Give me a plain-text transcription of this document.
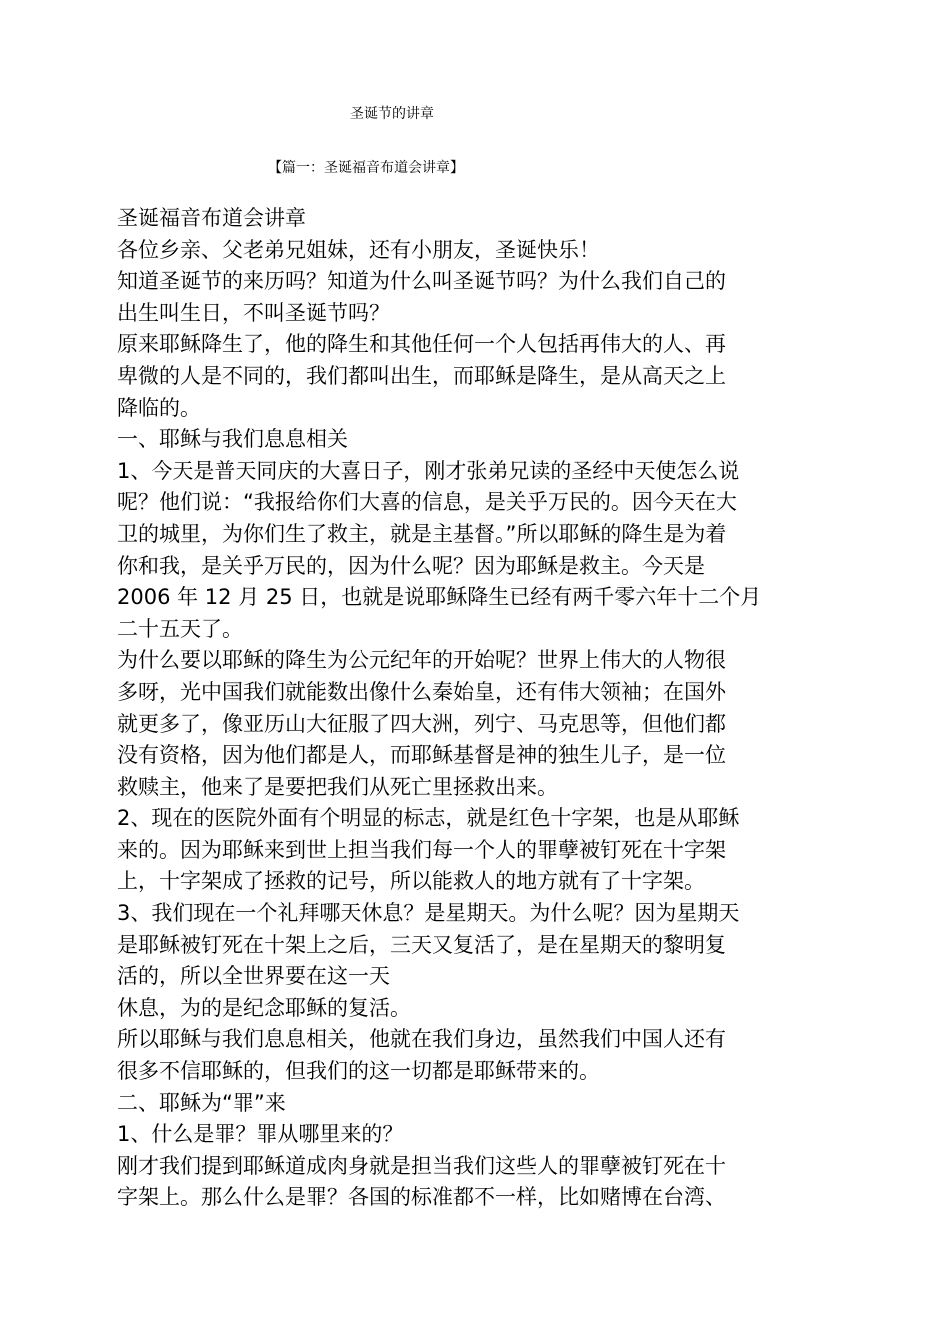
圣诞节的讲章
【篇一：圣诞福音布道会讲章】
圣诞福音布道会讲章
各位乡亲、父老弟兄姐妹，还有小朋友，圣诞快乐！
知道圣诞节的来历吗？知道为什么叫圣诞节吗？为什么我们自己的
出生叫生日，不叫圣诞节吗？
原来耶稣降生了，他的降生和其他任何一个人包括再伟大的人、再
卑微的人是不同的，我们都叫出生，而耶稣是降生，是从高天之上
降临的。
一、耶稣与我们息息相关
1、今天是普天同庆的大喜日子，刚才张弟兄读的圣经中天使怎么说
呢？他们说：“我报给你们大喜的信息，是关乎万民的。因今天在大
卫的城里，为你们生了救主，就是主基督。”所以耶稣的降生是为着
你和我，是关乎万民的，因为什么呢？因为耶稣是救主。今天是
2006 年 12 月 25 日，也就是说耶稣降生已经有两千零六年十二个月
二十五天了。
为什么要以耶稣的降生为公元纪年的开始呢？世界上伟大的人物很
多呀，光中国我们就能数出像什么秦始皇，还有伟大领袖；在国外
就更多了，像亚历山大征服了四大洲，列宁、马克思等，但他们都
没有资格，因为他们都是人，而耶稣基督是神的独生儿子，是一位
救赎主，他来了是要把我们从死亡里拯救出来。
2、现在的医院外面有个明显的标志，就是红色十字架，也是从耶稣
来的。因为耶稣来到世上担当我们每一个人的罪孽被钉死在十字架
上，十字架成了拯救的记号，所以能救人的地方就有了十字架。
3、我们现在一个礼拜哪天休息？是星期天。为什么呢？因为星期天
是耶稣被钉死在十架上之后，三天又复活了，是在星期天的黎明复
活的，所以全世界要在这一天
休息，为的是纪念耶稣的复活。
所以耶稣与我们息息相关，他就在我们身边，虽然我们中国人还有
很多不信耶稣的，但我们的这一切都是耶稣带来的。
二、耶稣为“罪”来
1、什么是罪？罪从哪里来的？
刚才我们提到耶稣道成肉身就是担当我们这些人的罪孽被钉死在十
字架上。那么什么是罪？各国的标准都不一样，比如赌博在台湾、
